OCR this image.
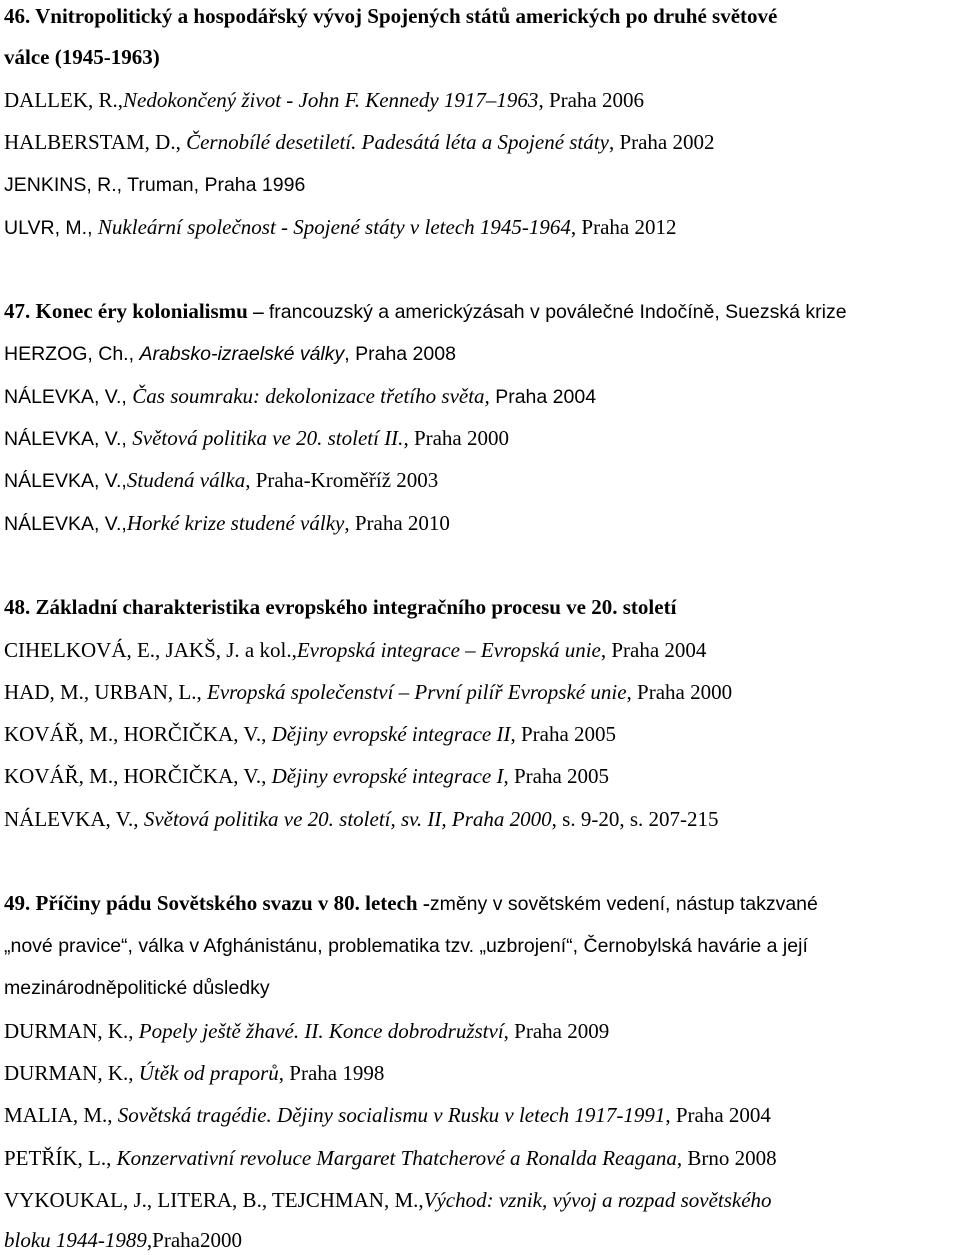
46. Vnitropolitický a hospodářský vývoj Spojených států amerických po druhé světové
válce (1945-1963)
DALLEK, R.,Nedokončený život - John F. Kennedy 1917–1963, Praha 2006
HALBERSTAM, D., Černobílé desetiletí. Padesátá léta a Spojené státy, Praha 2002
JENKINS, R., Truman, Praha 1996
ULVR, M., Nukleární společnost - Spojené státy v letech 1945-1964, Praha 2012
47. Konec éry kolonialismu – francouzský a americkýzásah v poválečné Indočíně, Suezská krize
HERZOG, Ch., Arabsko-izraelské války, Praha 2008
NÁLEVKA, V., Čas soumraku: dekolonizace třetího světa, Praha 2004
NÁLEVKA, V., Světová politika ve 20. století II., Praha 2000
NÁLEVKA, V.,Studená válka, Praha-Kroměříž 2003
NÁLEVKA, V.,Horké krize studené války, Praha 2010
48. Základní charakteristika evropského integračního procesu ve 20. století
CIHELKOVÁ, E., JAKŠ, J. a kol.,Evropská integrace – Evropská unie, Praha 2004
HAD, M., URBAN, L., Evropská společenství – První pilíř Evropské unie, Praha 2000
KOVÁŘ, M., HORČIČKA, V., Dějiny evropské integrace II, Praha 2005
KOVÁŘ, M., HORČIČKA, V., Dějiny evropské integrace I, Praha 2005
NÁLEVKA, V., Světová politika ve 20. století, sv. II, Praha 2000, s. 9-20, s. 207-215
49. Příčiny pádu Sovětského svazu v 80. letech -změny v sovětském vedení, nástup takzvané
„nové pravice“, válka v Afghánistánu, problematika tzv. „uzbrojení“, Černobylská havárie a její
mezinárodněpolitické důsledky
DURMAN, K., Popely ještě žhavé. II. Konce dobrodružství, Praha 2009
DURMAN, K., Útěk od praporů, Praha 1998
MALIA, M., Sovětská tragédie. Dějiny socialismu v Rusku v letech 1917-1991, Praha 2004
PETŘÍK, L., Konzervativní revoluce Margaret Thatcherové a Ronalda Reagana, Brno 2008
VYKOUKAL, J., LITERA, B., TEJCHMAN, M.,Východ: vznik, vývoj a rozpad sovětského
bloku 1944-1989,Praha2000
